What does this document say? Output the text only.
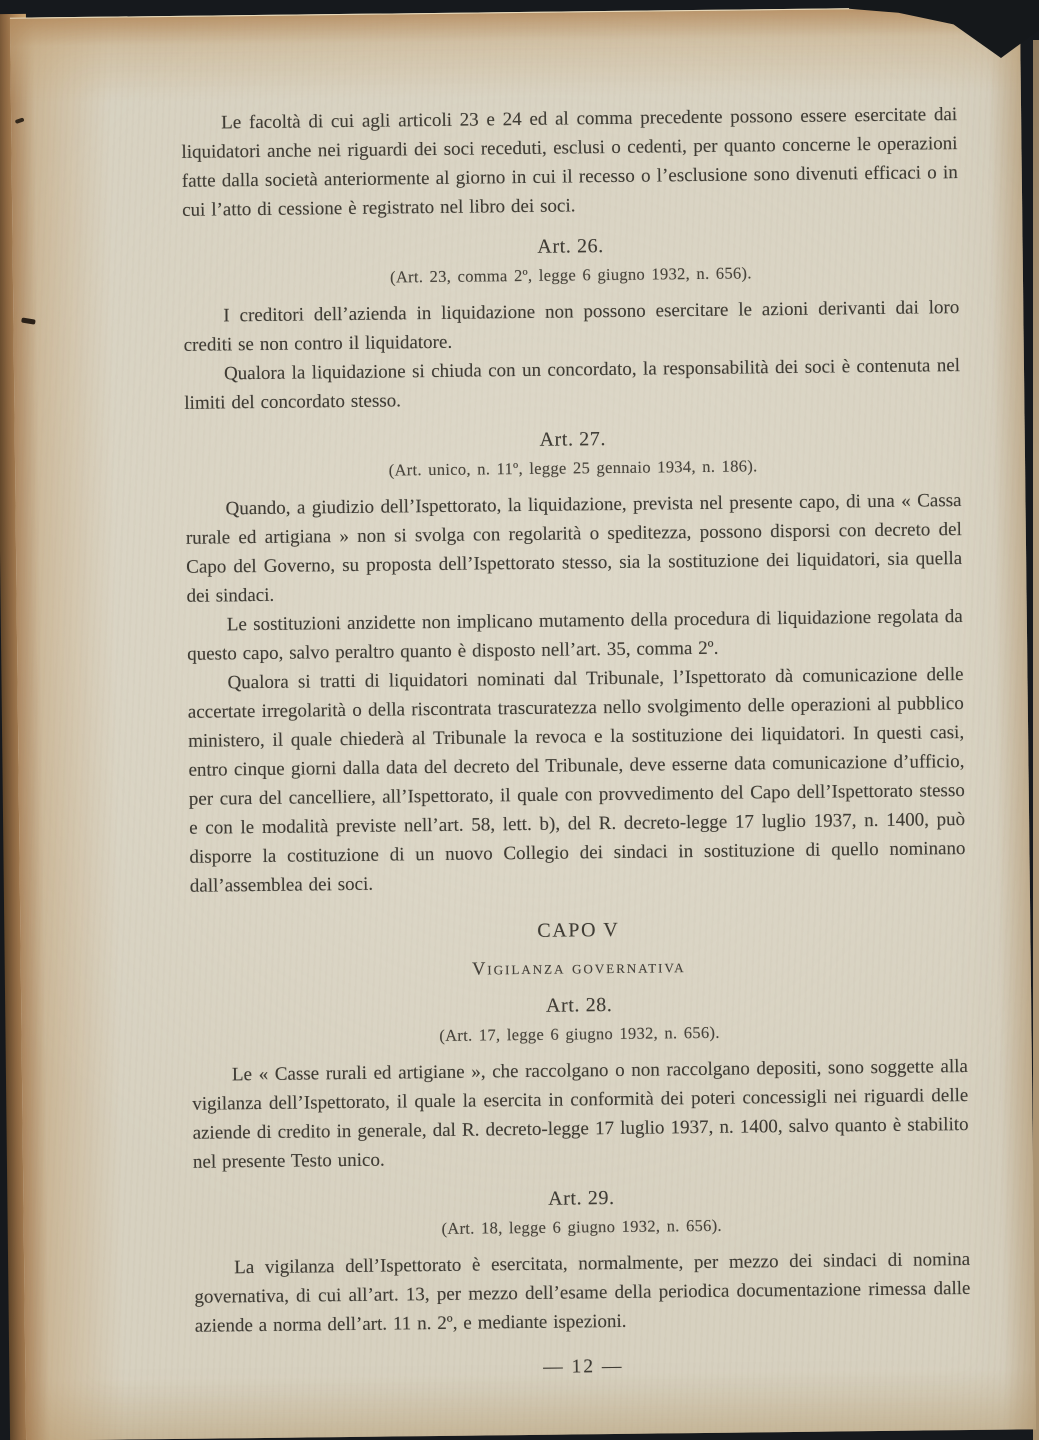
Le facoltà di cui agli articoli 23 e 24 ed al comma precedente possono essere esercitate dai liquidatori anche nei riguardi dei soci receduti, esclusi o cedenti, per quanto concerne le operazioni fatte dalla società anteriormente al giorno in cui il recesso o l’esclusione sono divenuti efficaci o in cui l’atto di cessione è registrato nel libro dei soci.

Art. 26.
(Art. 23, comma 2º, legge 6 giugno 1932, n. 656).

I creditori dell’azienda in liquidazione non possono esercitare le azioni derivanti dai loro crediti se non contro il liquidatore.

Qualora la liquidazione si chiuda con un concordato, la responsabilità dei soci è contenuta nel limiti del concordato stesso.

Art. 27.
(Art. unico, n. 11º, legge 25 gennaio 1934, n. 186).

Quando, a giudizio dell’Ispettorato, la liquidazione, prevista nel presente capo, di una « Cassa rurale ed artigiana » non si svolga con regolarità o speditezza, possono disporsi con decreto del Capo del Governo, su proposta dell’Ispettorato stesso, sia la sostituzione dei liquidatori, sia quella dei sindaci.

Le sostituzioni anzidette non implicano mutamento della procedura di liquidazione regolata da questo capo, salvo peraltro quanto è disposto nell’art. 35, comma 2º.

Qualora si tratti di liquidatori nominati dal Tribunale, l’Ispettorato dà comunicazione delle accertate irregolarità o della riscontrata trascuratezza nello svolgimento delle operazioni al pubblico ministero, il quale chiederà al Tribunale la revoca e la sostituzione dei liquidatori. In questi casi, entro cinque giorni dalla data del decreto del Tribunale, deve esserne data comunicazione d’ufficio, per cura del cancelliere, all’Ispettorato, il quale con provvedimento del Capo dell’Ispettorato stesso e con le modalità previste nell’art. 58, lett. b), del R. decreto-legge 17 luglio 1937, n. 1400, può disporre la costituzione di un nuovo Collegio dei sindaci in sostituzione di quello nominano dall’assemblea dei soci.

CAPO V
Vigilanza governativa
Art. 28.
(Art. 17, legge 6 giugno 1932, n. 656).

Le « Casse rurali ed artigiane », che raccolgano o non raccolgano depositi, sono soggette alla vigilanza dell’Ispettorato, il quale la esercita in conformità dei poteri concessigli nei riguardi delle aziende di credito in generale, dal R. decreto-legge 17 luglio 1937, n. 1400, salvo quanto è stabilito nel presente Testo unico.

Art. 29.
(Art. 18, legge 6 giugno 1932, n. 656).

La vigilanza dell’Ispettorato è esercitata, normalmente, per mezzo dei sindaci di nomina governativa, di cui all’art. 13, per mezzo dell’esame della periodica documentazione rimessa dalle aziende a norma dell’art. 11 n. 2º, e mediante ispezioni.

— 12 —
